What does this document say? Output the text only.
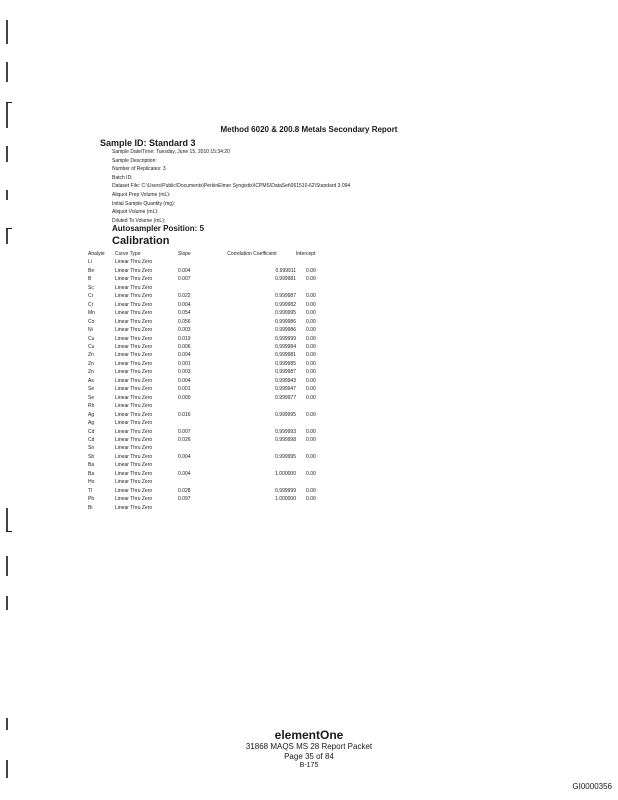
Method 6020 & 200.8 Metals Secondary Report
Sample ID: Standard 3
Sample Date/Time: Tuesday, June 15, 2010 15:34:20
Sample Description:
Number of Replicates: 3
Batch ID:
Dataset File: C:\Users\Public\Documents\PerkinElmer Syngistix\ICPMS\DataSet\061510-62\Standard 3.094
Aliquot Prep Volume (mL):
Initial Sample Quantity (mg):
Aliquot Volume (mL):
Diluted To Volume (mL):
Autosampler Position: 5
Calibration
Analyte	Curve Type	Slope	Correlation Coefficient	Intercept
Li	Linear Thru Zero			
Be	Linear Thru Zero	0.004	0.999911	0.00
B	Linear Thru Zero	0.007	0.999981	0.00
Sc	Linear Thru Zero			
Cr	Linear Thru Zero	0.022	0.999987	0.00
Cr	Linear Thru Zero	0.004	0.999982	0.00
Mn	Linear Thru Zero	0.054	0.999995	0.00
Co	Linear Thru Zero	0.056	0.999986	0.00
Ni	Linear Thru Zero	0.003	0.999986	0.00
Cu	Linear Thru Zero	0.019	0.999999	0.00
Cu	Linear Thru Zero	0.006	0.999984	0.00
Zn	Linear Thru Zero	0.004	0.999981	0.00
Zn	Linear Thru Zero	0.001	0.999985	0.00
Zn	Linear Thru Zero	0.003	0.999987	0.00
As	Linear Thru Zero	0.004	0.999943	0.00
Se	Linear Thru Zero	0.001	0.999947	0.00
Se	Linear Thru Zero	0.000	0.999977	0.00
Rh	Linear Thru Zero			
Ag	Linear Thru Zero	0.016	0.999995	0.00
Ag	Linear Thru Zero			
Cd	Linear Thru Zero	0.007	0.999993	0.00
Cd	Linear Thru Zero	0.026	0.999998	0.00
Sn	Linear Thru Zero			
Sb	Linear Thru Zero	0.004	0.999995	0.00
Ba	Linear Thru Zero			
Ba	Linear Thru Zero	0.004	1.000000	0.00
Ho	Linear Thru Zero			
Tl	Linear Thru Zero	0.028	0.999999	0.00
Pb	Linear Thru Zero	0.097	1.000000	0.00
Bi	Linear Thru Zero			
elementOne
31868 MAQS MS 28 Report Packet
Page 35 of 84
B-175
GI0000356
